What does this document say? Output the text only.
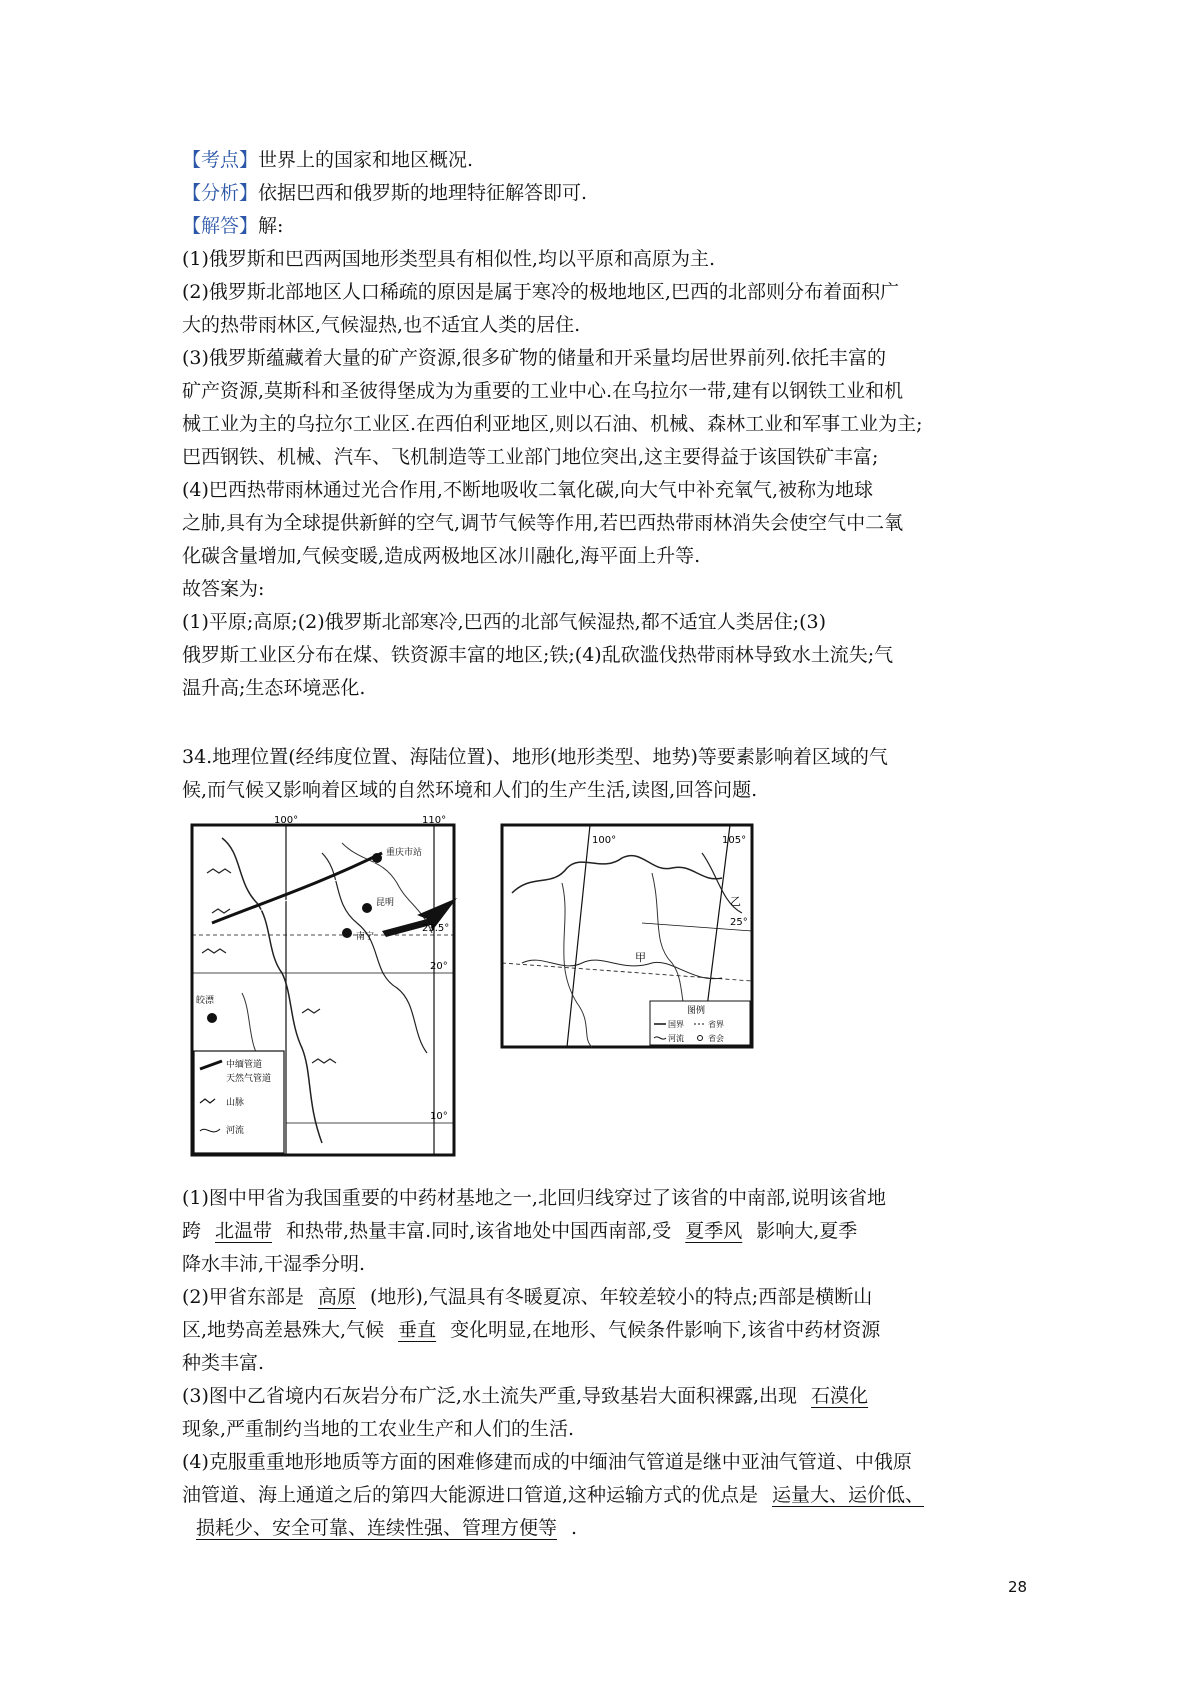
【考点】世界上的国家和地区概况.
【分析】依据巴西和俄罗斯的地理特征解答即可.
【解答】解:
(1)俄罗斯和巴西两国地形类型具有相似性,均以平原和高原为主.
(2)俄罗斯北部地区人口稀疏的原因是属于寒冷的极地地区,巴西的北部则分布着面积广
大的热带雨林区,气候湿热,也不适宜人类的居住.
(3)俄罗斯蕴藏着大量的矿产资源,很多矿物的储量和开采量均居世界前列.依托丰富的
矿产资源,莫斯科和圣彼得堡成为为重要的工业中心.在乌拉尔一带,建有以钢铁工业和机
械工业为主的乌拉尔工业区.在西伯利亚地区,则以石油、机械、森林工业和军事工业为主;
巴西钢铁、机械、汽车、飞机制造等工业部门地位突出,这主要得益于该国铁矿丰富;
(4)巴西热带雨林通过光合作用,不断地吸收二氧化碳,向大气中补充氧气,被称为地球
之肺,具有为全球提供新鲜的空气,调节气候等作用,若巴西热带雨林消失会使空气中二氧
化碳含量增加,气候变暖,造成两极地区冰川融化,海平面上升等.
故答案为:
(1)平原;高原;(2)俄罗斯北部寒冷,巴西的北部气候湿热,都不适宜人类居住;(3)
俄罗斯工业区分布在煤、铁资源丰富的地区;铁;(4)乱砍滥伐热带雨林导致水土流失;气
温升高;生态环境恶化.
34.地理位置(经纬度位置、海陆位置)、地形(地形类型、地势)等要素影响着区域的气
候,而气候又影响着区域的自然环境和人们的生产生活,读图,回答问题.
100°	110°
23.5°
20°
10°
重庆市站
昆明
南宁
皎漂
中缅管道
天然气管道
山脉
河流
100°	105°
25°
甲
乙
图例
国界	省界
河流	省会
(1)图中甲省为我国重要的中药材基地之一,北回归线穿过了该省的中南部,说明该省地
跨 北温带 和热带,热量丰富.同时,该省地处中国西南部,受 夏季风 影响大,夏季
降水丰沛,干湿季分明.
(2)甲省东部是 高原 (地形),气温具有冬暖夏凉、年较差较小的特点;西部是横断山
区,地势高差悬殊大,气候 垂直 变化明显,在地形、气候条件影响下,该省中药材资源
种类丰富.
(3)图中乙省境内石灰岩分布广泛,水土流失严重,导致基岩大面积裸露,出现 石漠化
现象,严重制约当地的工农业生产和人们的生活.
(4)克服重重地形地质等方面的困难修建而成的中缅油气管道是继中亚油气管道、中俄原
油管道、海上通道之后的第四大能源进口管道,这种运输方式的优点是 运量大、运价低、
损耗少、安全可靠、连续性强、管理方便等 .
28
